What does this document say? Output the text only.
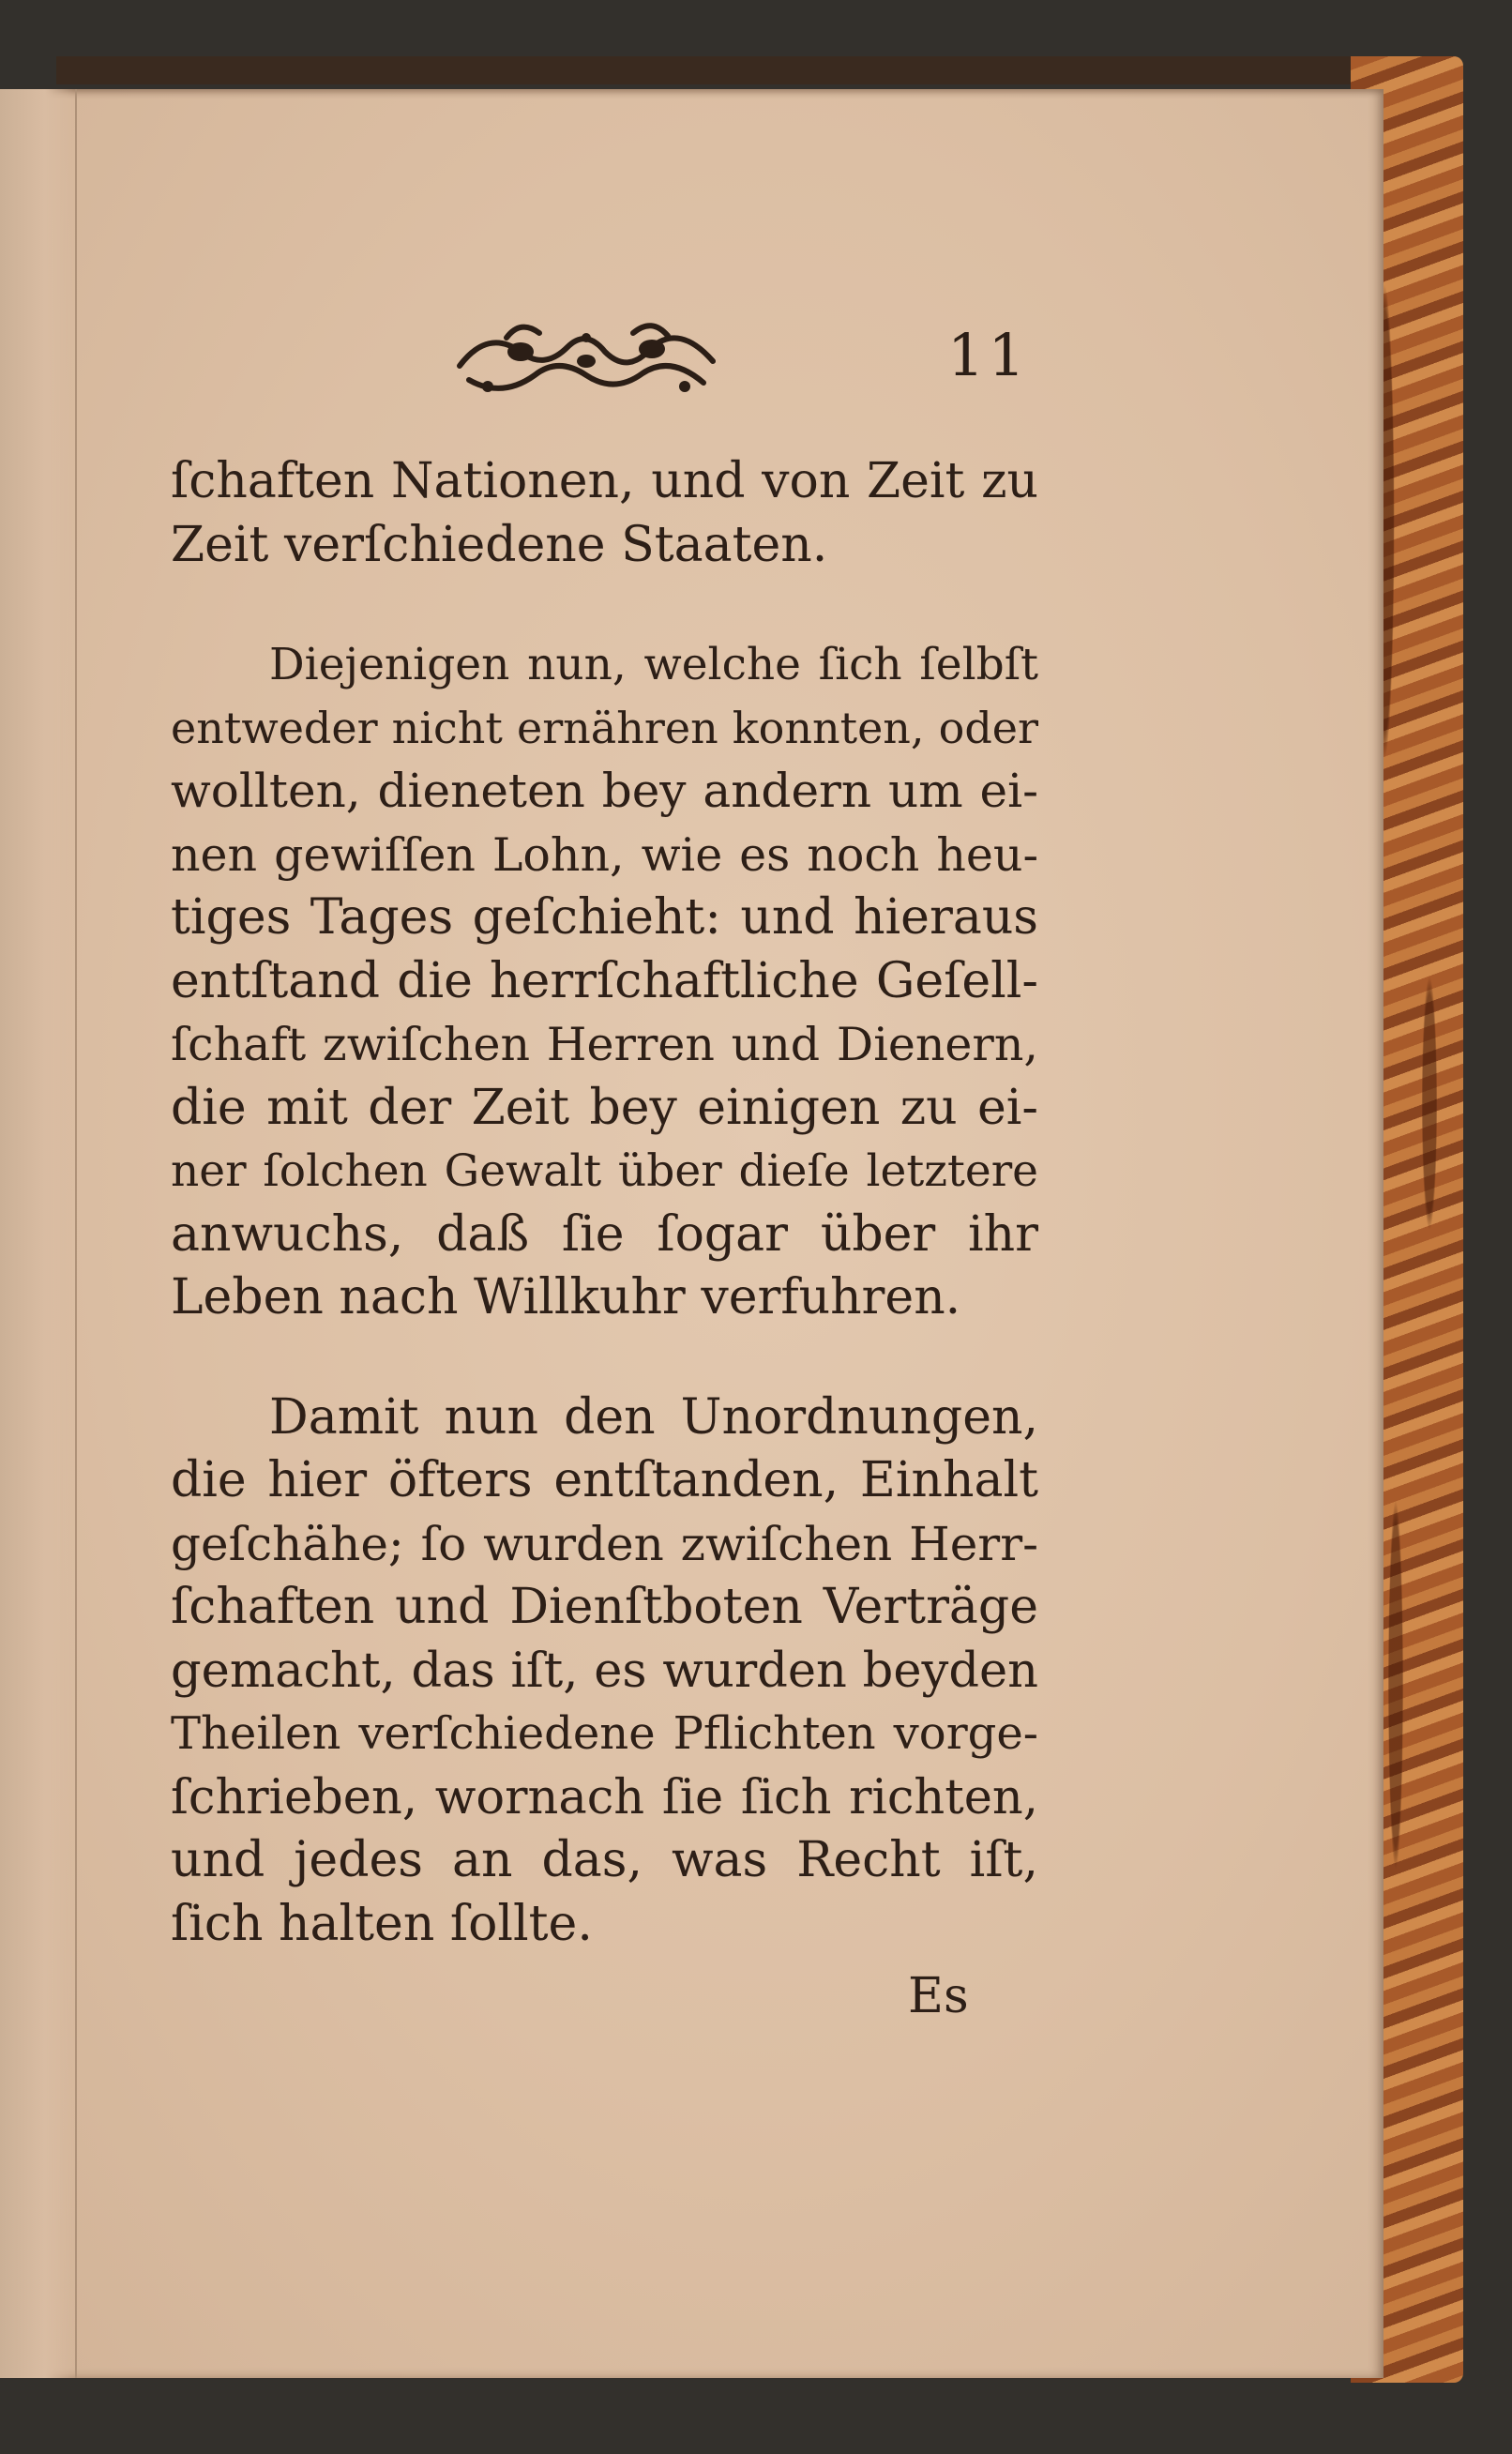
11
ſchaften Nationen, und von Zeit zu
Zeit verſchiedene Staaten.
Diejenigen nun, welche ſich ſelbſt
entweder nicht ernähren konnten, oder
wollten, dieneten bey andern um ei-
nen gewiſſen Lohn, wie es noch heu-
tiges Tages geſchieht: und hieraus
entſtand die herrſchaftliche Geſell-
ſchaft zwiſchen Herren und Dienern,
die mit der Zeit bey einigen zu ei-
ner ſolchen Gewalt über dieſe letztere
anwuchs, daß ſie ſogar über ihr
Leben nach Willkuhr verfuhren.
Damit nun den Unordnungen,
die hier öfters entſtanden, Einhalt
geſchähe; ſo wurden zwiſchen Herr-
ſchaften und Dienſtboten Verträge
gemacht, das iſt, es wurden beyden
Theilen verſchiedene Pflichten vorge-
ſchrieben, wornach ſie ſich richten,
und jedes an das, was Recht iſt,
ſich halten ſollte.
Es
